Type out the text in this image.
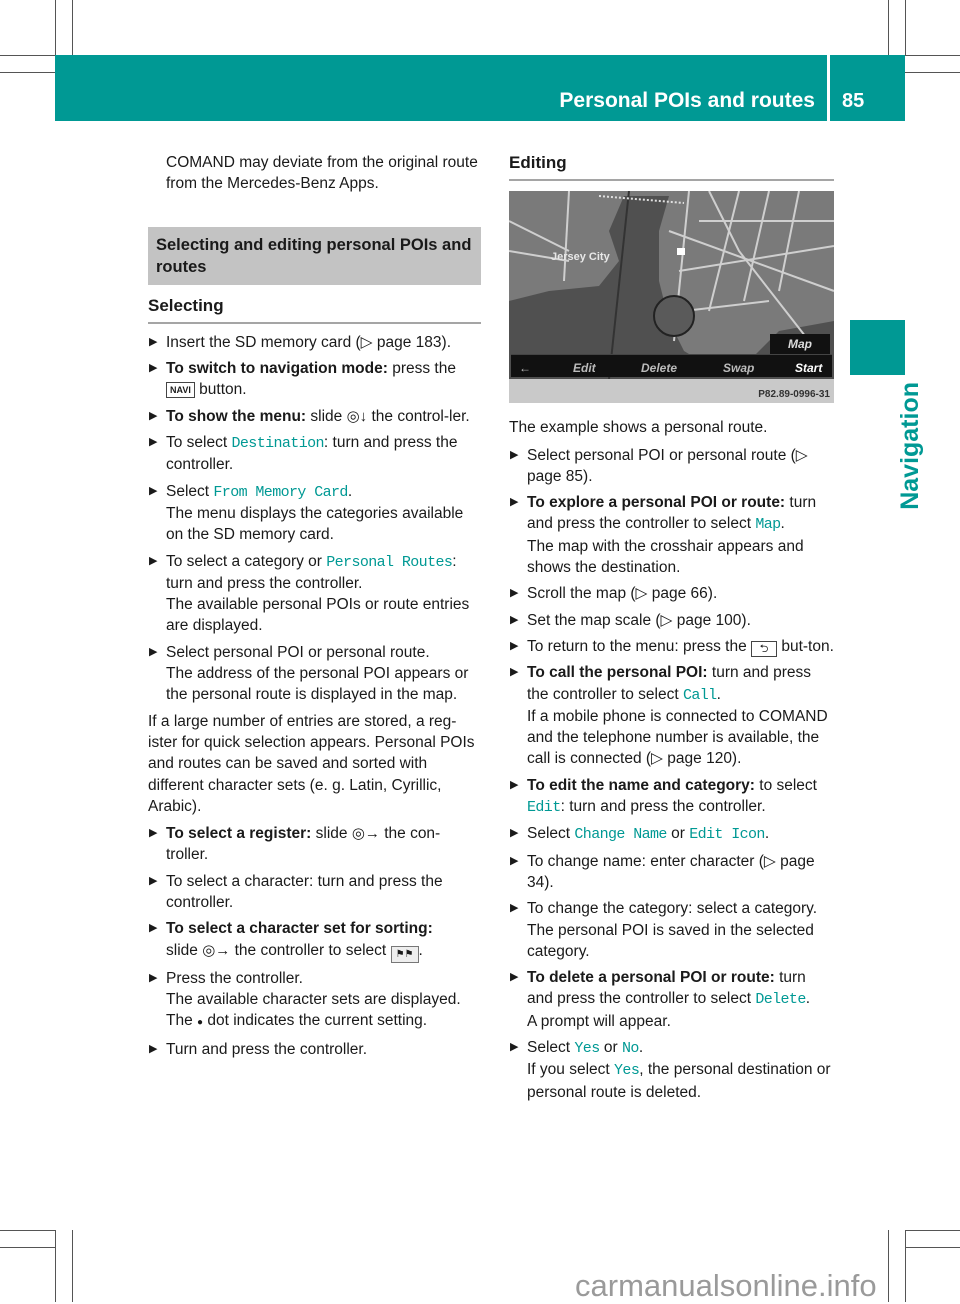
Personal POIs and routes 85
Navigation

COMAND may deviate from the original route from the Mercedes-Benz Apps.

Selecting and editing personal POIs and routes
Selecting
▶ Insert the SD memory card (▷ page 183).
▶ To switch to navigation mode: press the
NAVI button.
▶ To show the menu: slide ◎↓ the control-ler.
▶ To select Destination: turn and press the controller.
▶ Select From Memory Card.
The menu displays the categories available on the SD memory card.
▶ To select a category or Personal Routes: turn and press the controller.
The available personal POIs or route entries are displayed.
▶ Select personal POI or personal route.
The address of the personal POI appears or the personal route is displayed in the map.

If a large number of entries are stored, a reg-ister for quick selection appears. Personal POIs and routes can be saved and sorted with different character sets (e. g. Latin, Cyrillic, Arabic).

▶ To select a register: slide ◎→ the con-troller.
▶ To select a character: turn and press the controller.
▶ To select a character set for sorting:
slide ◎→ the controller to select ⚑⚑ .
▶ Press the controller.
The available character sets are displayed.
The ● dot indicates the current setting.
▶ Turn and press the controller.
Editing
Jersey City
Map
←	Edit	Delete	Swap	Start
P82.89-0996-31

The example shows a personal route.

▶ Select personal POI or personal route (▷ page 85).
▶ To explore a personal POI or route: turn and press the controller to select Map.
The map with the crosshair appears and shows the destination.
▶ Scroll the map (▷ page 66).
▶ Set the map scale (▷ page 100).
▶ To return to the menu: press the ⮌ but-ton.
▶ To call the personal POI: turn and press the controller to select Call.
If a mobile phone is connected to COMAND and the telephone number is available, the call is connected (▷ page 120).
▶ To edit the name and category: to select
Edit: turn and press the controller.
▶ Select Change Name or Edit Icon.
▶ To change name: enter character (▷ page 34).
▶ To change the category: select a category.
The personal POI is saved in the selected category.
▶ To delete a personal POI or route: turn and press the controller to select Delete.
A prompt will appear.
▶ Select Yes or No.
If you select Yes, the personal destination or personal route is deleted.
carmanualsonline.info
